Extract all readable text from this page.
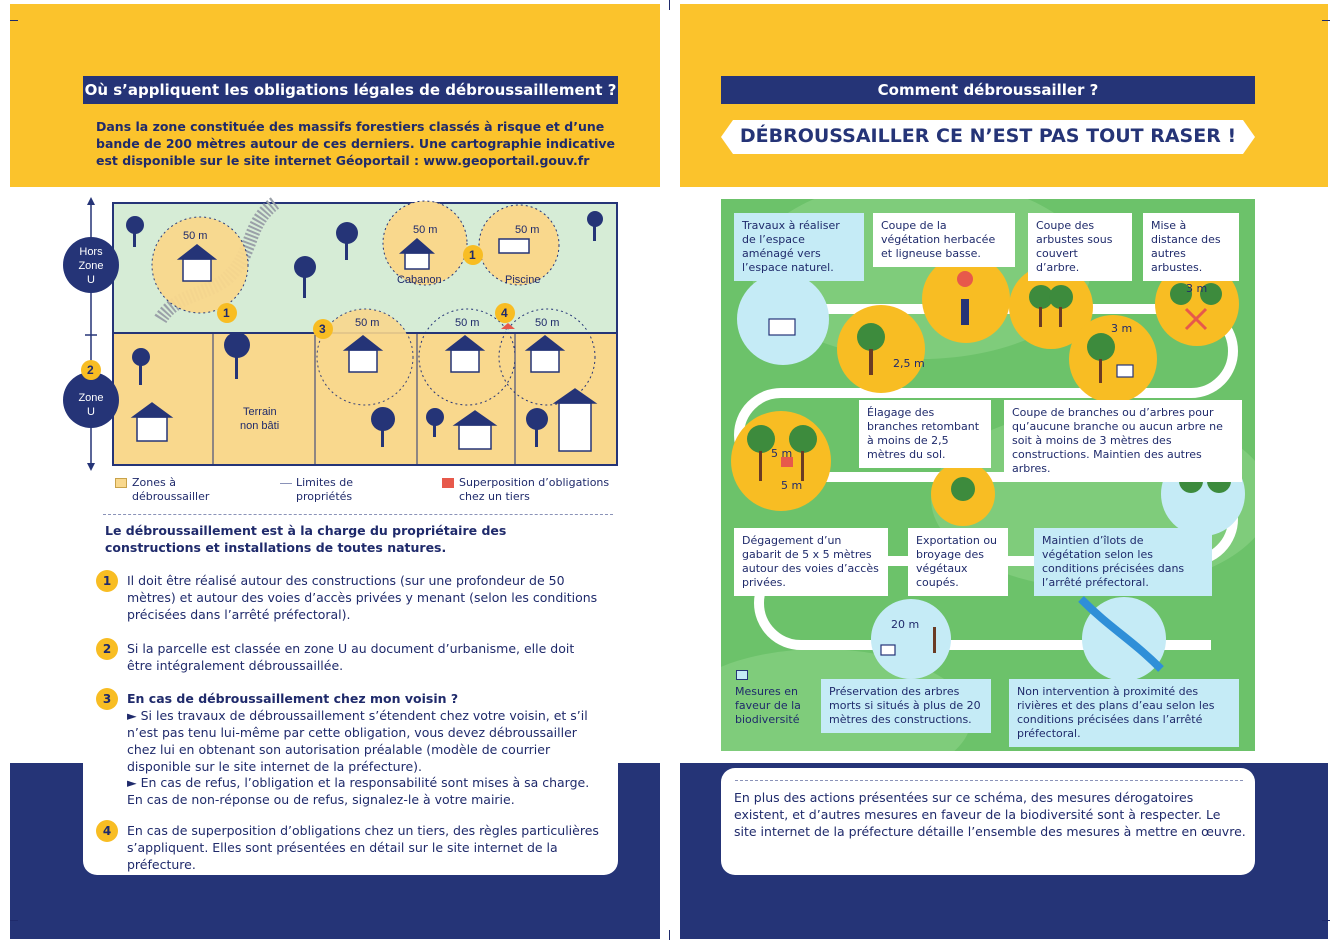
Où s’appliquent les obligations légales de débroussaillement ?
Dans la zone constituée des massifs forestiers classés à risque et d’une bande de 200 mètres autour de ces derniers. Une cartographie indicative est disponible sur le site internet Géoportail : www.geoportail.gouv.fr
Hors
Zone
U
Zone
U
50 m	50 m	50 m
50 m	50 m	50 m
Cabanon	Piscine
Terrain
non bâti
1
1
2
3
4
Zones à débroussailler
Limites de propriétés
Superposition d’obligations chez un tiers
Le débroussaillement est à la charge du propriétaire des constructions et installations de toutes natures.
1	Il doit être réalisé autour des constructions (sur une profondeur de 50 mètres) et autour des voies d’accès privées y menant (selon les conditions précisées dans l’arrêté préfectoral).
2	Si la parcelle est classée en zone U au document d’urbanisme, elle doit être intégralement débroussaillée.
3	En cas de débroussaillement chez mon voisin ?
► Si les travaux de débroussaillement s’étendent chez votre voisin, et s’il n’est pas tenu lui-même par cette obligation, vous devez débroussailler chez lui en obtenant son autorisation préalable (modèle de courrier disponible sur le site internet de la préfecture).
► En cas de refus, l’obligation et la responsabilité sont mises à sa charge. En cas de non-réponse ou de refus, signalez-le à votre mairie.
4	En cas de superposition d’obligations chez un tiers, des règles particulières s’appliquent. Elles sont présentées en détail sur le site internet de la préfecture.
Comment débroussailler ?
DÉBROUSSAILLER CE N’EST PAS TOUT RASER !
3 m
3 m
2,5 m
5 m
5 m
20 m
Travaux à réaliser de l’espace aménagé vers l’espace naturel.
Coupe de la végétation herbacée et ligneuse basse.
Coupe des arbustes sous couvert d’arbre.
Mise à distance des autres arbustes.
Élagage des branches retombant à moins de 2,5 mètres du sol.
Coupe de branches ou d’arbres pour qu’aucune branche ou aucun arbre ne soit à moins de 3 mètres des constructions. Maintien des autres arbres.
Dégagement d’un gabarit de 5 x 5 mètres autour des voies d’accès privées.
Exportation ou broyage des végétaux coupés.
Maintien d’îlots de végétation selon les conditions précisées dans l’arrêté préfectoral.
Mesures en faveur de la biodiversité
Préservation des arbres morts si situés à plus de 20 mètres des constructions.
Non intervention à proximité des rivières et des plans d’eau selon les conditions précisées dans l’arrêté préfectoral.
En plus des actions présentées sur ce schéma, des mesures dérogatoires existent, et d’autres mesures en faveur de la biodiversité sont à respecter. Le site internet de la préfecture détaille l’ensemble des mesures à mettre en œuvre.
